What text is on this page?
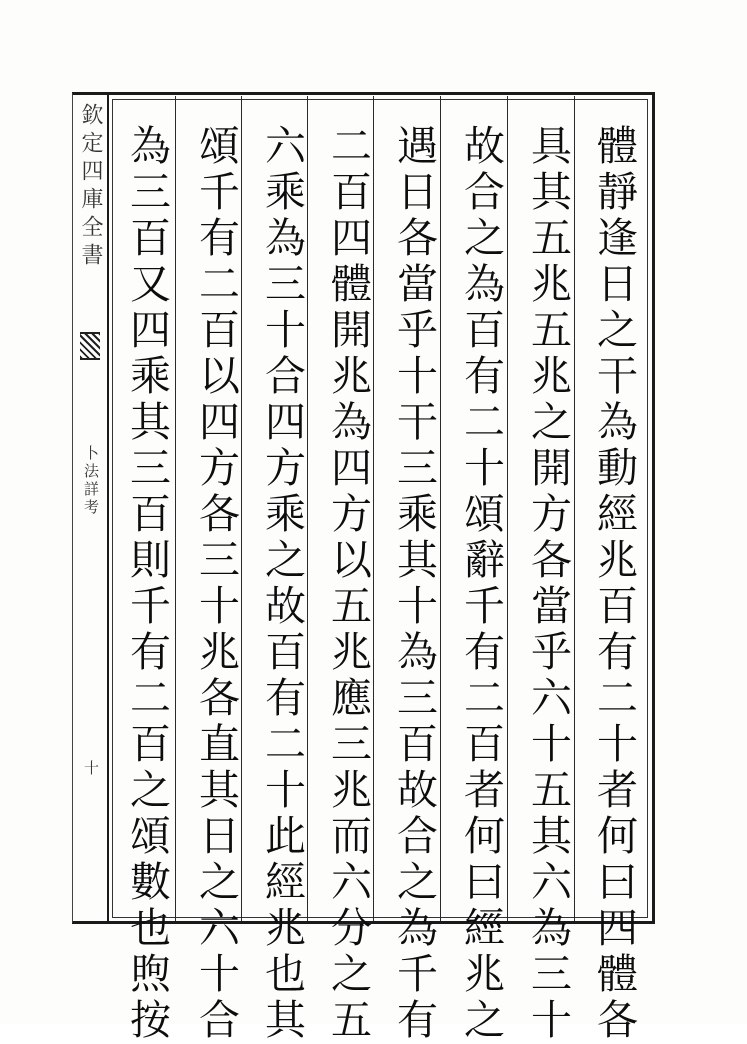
欽定四庫全書
卜法詳考
十	體靜逢日之干為動經兆百有二十者何曰四體各
具其五兆五兆之開方各當乎六十五其六為三十
故合之為百有二十頌辭千有二百者何曰經兆之
遇日各當乎十干三乘其十為三百故合之為千有
二百四體開兆為四方以五兆應三兆而六分之五
六乘為三十合四方乘之故百有二十此經兆也其
頌千有二百以四方各三十兆各直其日之六十合
為三百又四乘其三百則千有二百之頌數也煦按
